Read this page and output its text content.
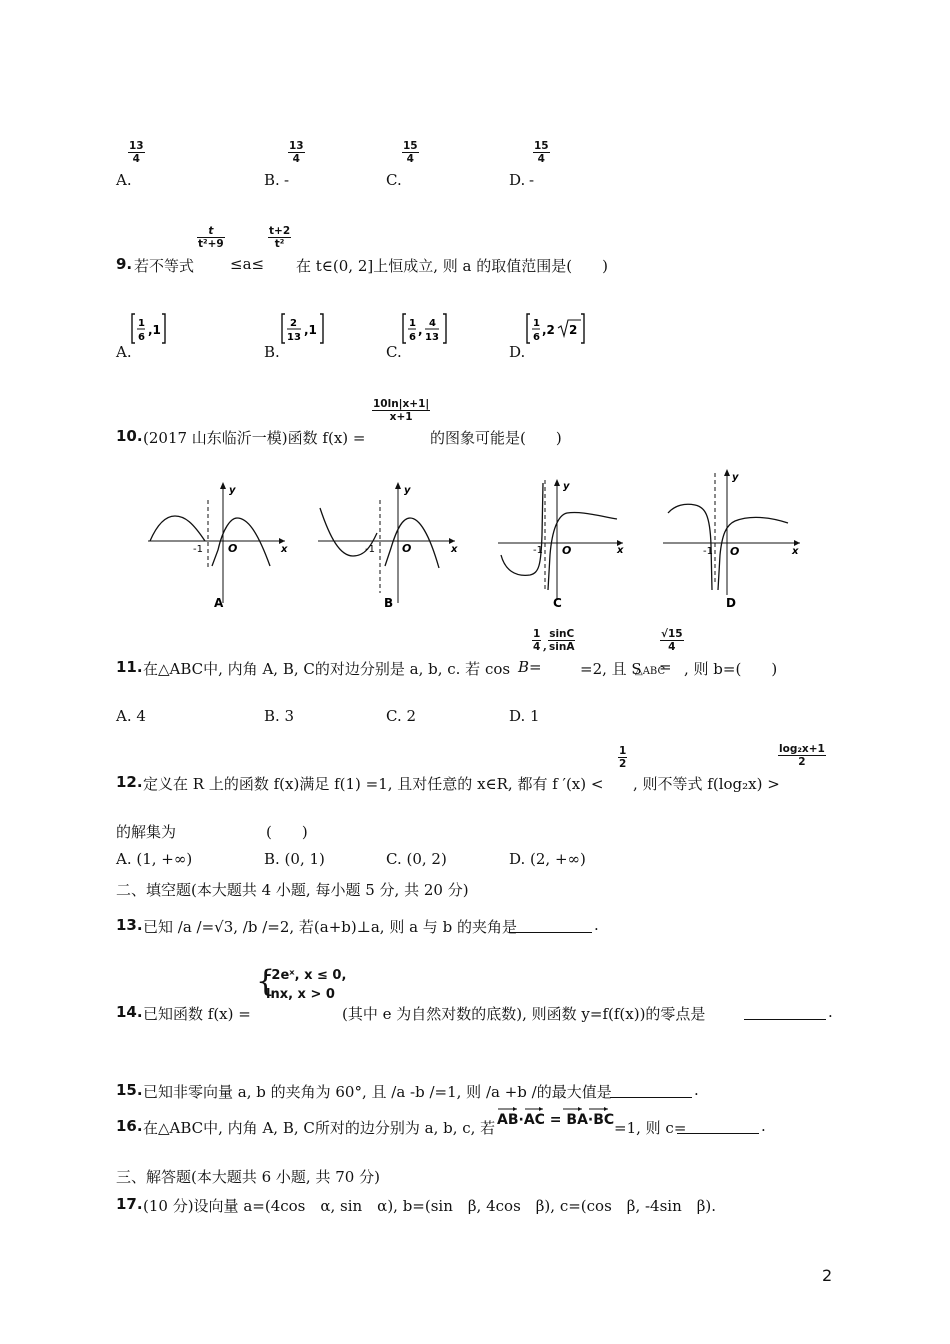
$\frac{13}{4}$
A.
$\frac{13}{4}$
B. -
$\frac{15}{4}$
C.
$\frac{15}{4}$
D. -
9. 若不等式
$\frac{t}{\text{t²+9}}$
≤a≤
$\frac{t+2}{\text{t²}}$
在 t∈(0, 2]上恒成立, 则 a 的取值范围是(　　)
A.
1
6
,1
B.
2
13
,1
C.
1
6
, 4
13
D.
1
6
,2 2
10. (2017 山东临沂一模)函数 f(x) =
$\frac{10\ln|x+1|}{x+1}$
的图象可能是(　　)
-1 O	x
y
A
-1 O	x
y
B
-1 O	x
y
C
-1 O	x
y
D
11. 在△ABC中, 内角 A, B, C的对边分别是 a, b, c. 若 cos B=
$\frac{1}{4}$ , $\frac{\sin C}{\sin A}$
=2, 且 S
△ABC
=
$\frac{√15}{4}$
, 则 b=(　　)
A. 4	B. 3	C. 2	D. 1
12. 定义在 R 上的函数 f(x)满足 f(1) =1, 且对任意的 x∈R, 都有 f ′(x) <
$\frac{1}{2}$
, 则不等式 f(log₂x) >
$\frac{\text{log₂x+1}}{2}$
的解集为　　　　　　(　　)
A. (1, +∞)	B. (0, 1)	C. (0, 2)	D. (2, +∞)
二、填空题(本大题共 4 小题, 每小题 5 分, 共 20 分)
13. 已知 /a /=√3, /b /=2, 若(a+b)⊥a, 则 a 与 b 的夹角是	.
14. 已知函数 f(x) =
{
-2eˣ, x ≤ 0,
lnx, x > 0
(其中 e 为自然对数的底数), 则函数 y=f(f(x))的零点是	.
15. 已知非零向量 a, b 的夹角为 60°, 且 /a -b /=1, 则 /a +b /的最大值是	.
16. 在△ABC中, 内角 A, B, C所对的边分别为 a, b, c, 若 AB·AC = BA·BC =1, 则 c=	.
三、解答题(本大题共 6 小题, 共 70 分)
17. (10 分)设向量 a=(4cos　α, sin　α), b=(sin　β, 4cos　β), c=(cos　β, -4sin　β).
2
